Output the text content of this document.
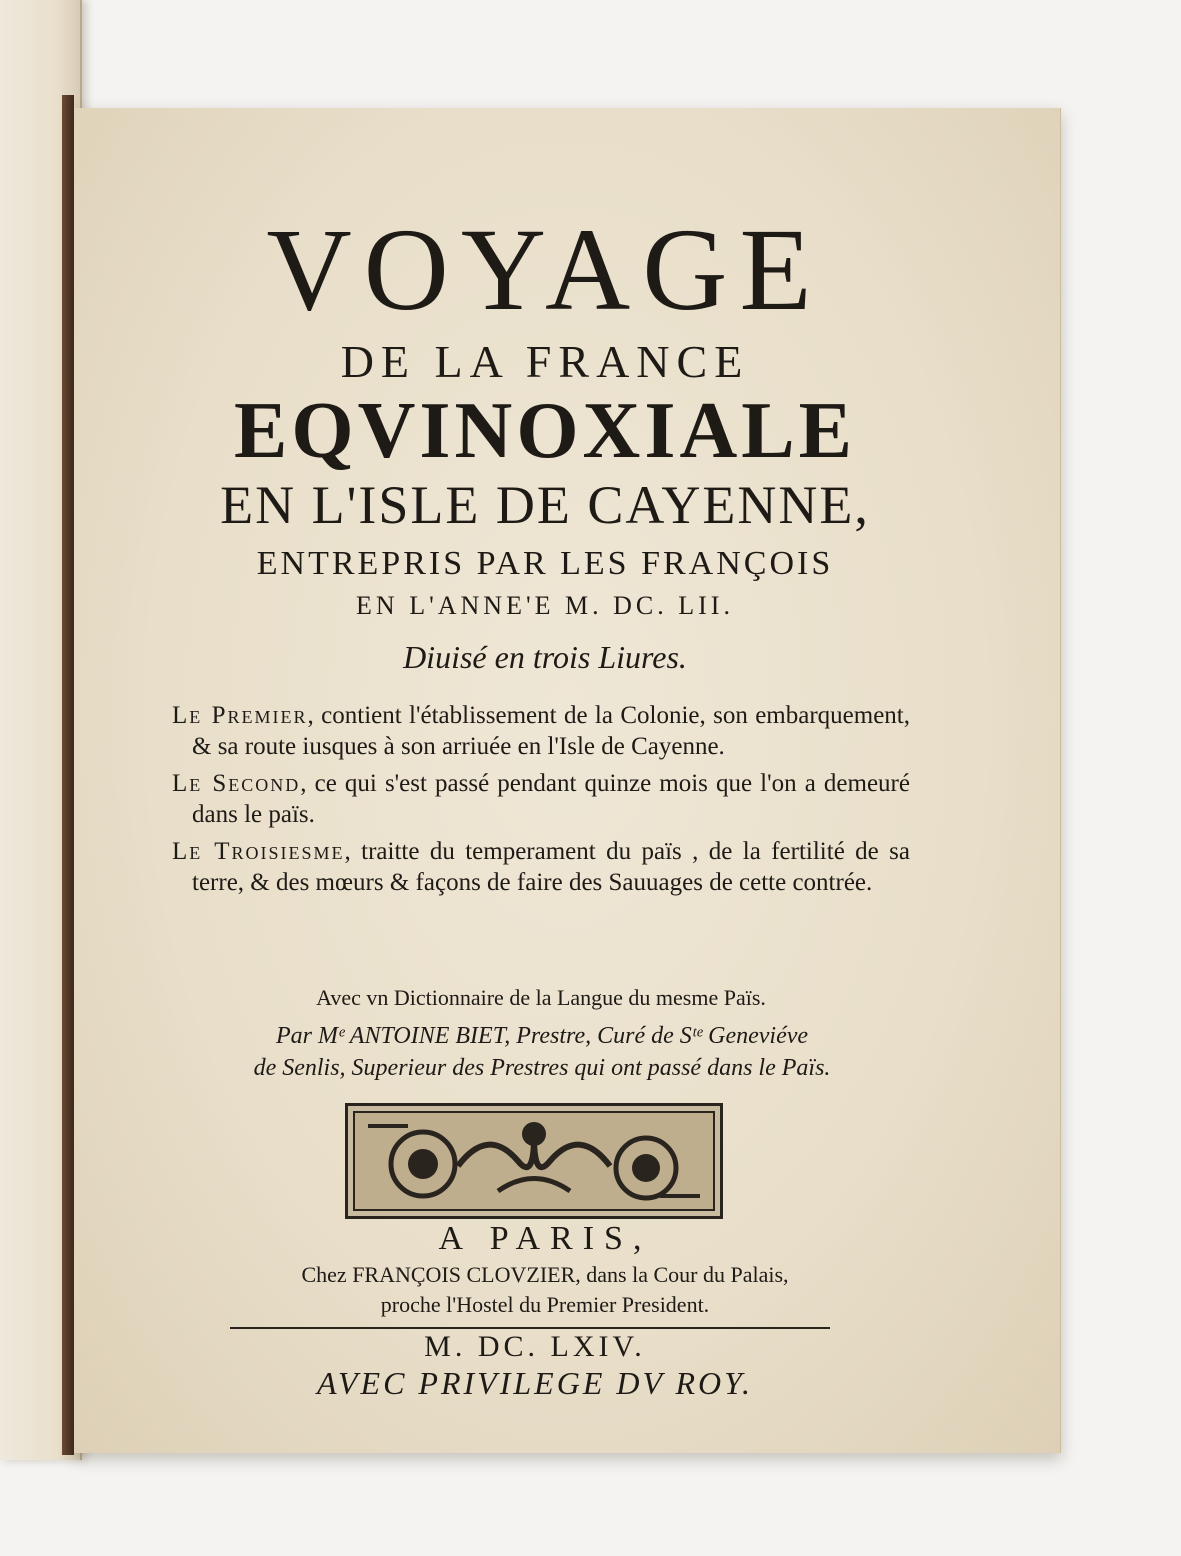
VOYAGE
DE LA FRANCE
EQVINOXIALE
EN L'ISLE DE CAYENNE,
ENTREPRIS PAR LES FRANÇOIS
EN L'ANNE'E M. DC. LII.
Diuisé en trois Liures.

Le Premier, contient l'établissement de la Colonie, son embarquement, & sa route iusques à son arriuée en l'Isle de Cayenne.

Le Second, ce qui s'est passé pendant quinze mois que l'on a demeuré dans le païs.

Le Troisiesme, traitte du temperament du païs , de la fertilité de sa terre, & des mœurs & façons de faire des Sauuages de cette contrée.

Avec vn Dictionnaire de la Langue du mesme Païs.
Par Mᵉ ANTOINE BIET, Prestre, Curé de Sᵗᵉ Geneviéve
de Senlis, Superieur des Prestres qui ont passé dans le Païs.
A PARIS,
Chez FRANÇOIS CLOVZIER, dans la Cour du Palais,
proche l'Hostel du Premier President.
M. DC. LXIV.
AVEC PRIVILEGE DV ROY.
